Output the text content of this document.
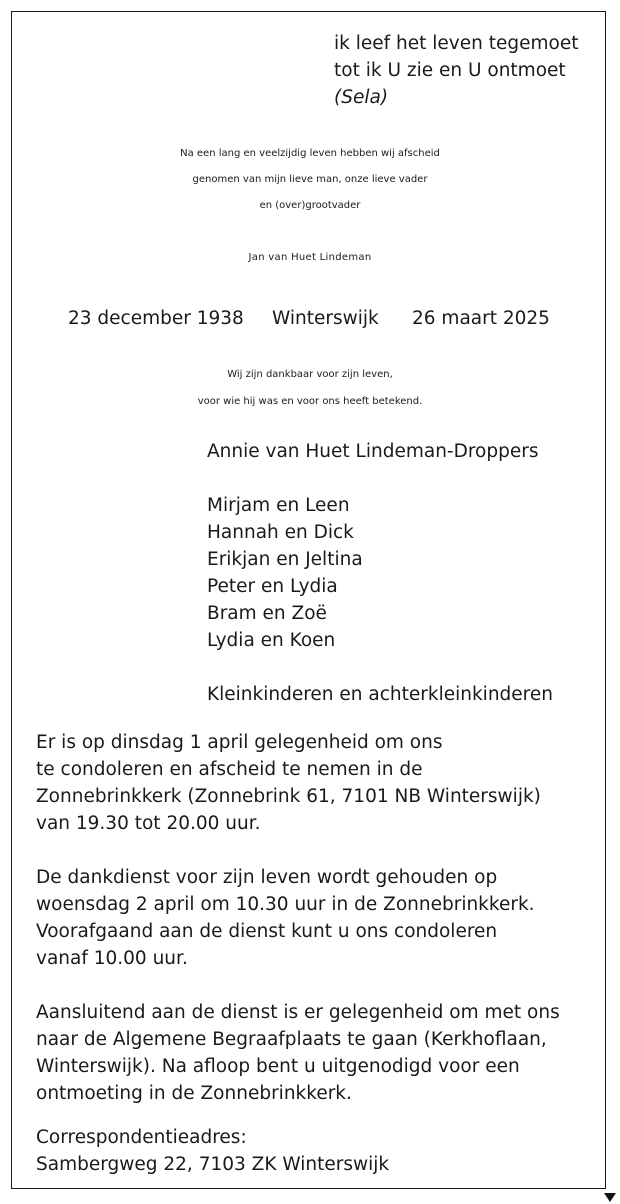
ik leef het leven tegemoet
tot ik U zie en U ontmoet
(Sela)
Na een lang en veelzijdig leven hebben wij afscheid
genomen van mijn lieve man, onze lieve vader
en (over)grootvader
Jan van Huet Lindeman
23 december 1938 Winterswijk 26 maart 2025
Wij zijn dankbaar voor zijn leven,
voor wie hij was en voor ons heeft betekend.
Annie van Huet Lindeman-Droppers
Mirjam en Leen
Hannah en Dick
Erikjan en Jeltina
Peter en Lydia
Bram en Zoë
Lydia en Koen
Kleinkinderen en achterkleinkinderen
Er is op dinsdag 1 april gelegenheid om ons
te condoleren en afscheid te nemen in de
Zonnebrinkkerk (Zonnebrink 61, 7101 NB Winterswijk)
van 19.30 tot 20.00 uur.
De dankdienst voor zijn leven wordt gehouden op
woensdag 2 april om 10.30 uur in de Zonnebrinkkerk.
Voorafgaand aan de dienst kunt u ons condoleren
vanaf 10.00 uur.
Aansluitend aan de dienst is er gelegenheid om met ons
naar de Algemene Begraafplaats te gaan (Kerkhoflaan,
Winterswijk). Na afloop bent u uitgenodigd voor een
ontmoeting in de Zonnebrinkkerk.
Correspondentieadres:
Sambergweg 22, 7103 ZK Winterswijk
